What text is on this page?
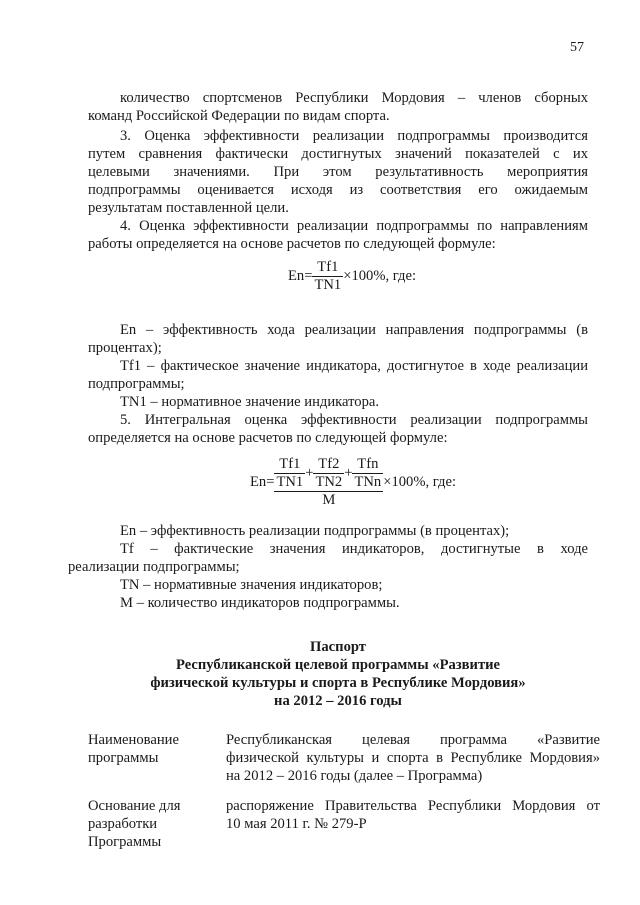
57
количество спортсменов Республики Мордовия – членов сборных
команд Российской Федерации по видам спорта.
3. Оценка эффективности реализации подпрограммы производится
путем сравнения фактически достигнутых значений показателей с их
целевыми значениями. При этом результативность мероприятия
подпрограммы оценивается исходя из соответствия его ожидаемым
результатам поставленной цели.
4. Оценка эффективности реализации подпрограммы по направлениям
работы определяется на основе расчетов по следующей формуле:
$En= \frac{Tf1}{TN1} \times 100\%$, где:
En – эффективность хода реализации направления подпрограммы (в
процентах);
Tf1 – фактическое значение индикатора, достигнутое в ходе реализации
подпрограммы;
TN1 – нормативное значение индикатора.
5. Интегральная оценка эффективности реализации подпрограммы
определяется на основе расчетов по следующей формуле:
$En= \frac{\frac{Tf1}{TN1} + \frac{Tf2}{TN2} + \frac{\text{Tfn}}{\text{TNn}}}{M} \times 100\%$, где:
En – эффективность реализации подпрограммы (в процентах);
Tf – фактические значения индикаторов, достигнутые в ходе
реализации подпрограммы;
TN – нормативные значения индикаторов;
M – количество индикаторов подпрограммы.
Паспорт
Республиканской целевой программы «Развитие
физической культуры и спорта в Республике Мордовия»
на 2012 – 2016 годы
Наименование
программы
Республиканская целевая программа «Развитие
физической культуры и спорта в Республике Мордовия»
на 2012 – 2016 годы (далее – Программа)
Основание для
разработки
Программы
распоряжение Правительства Республики Мордовия от
10 мая 2011 г. № 279-Р
